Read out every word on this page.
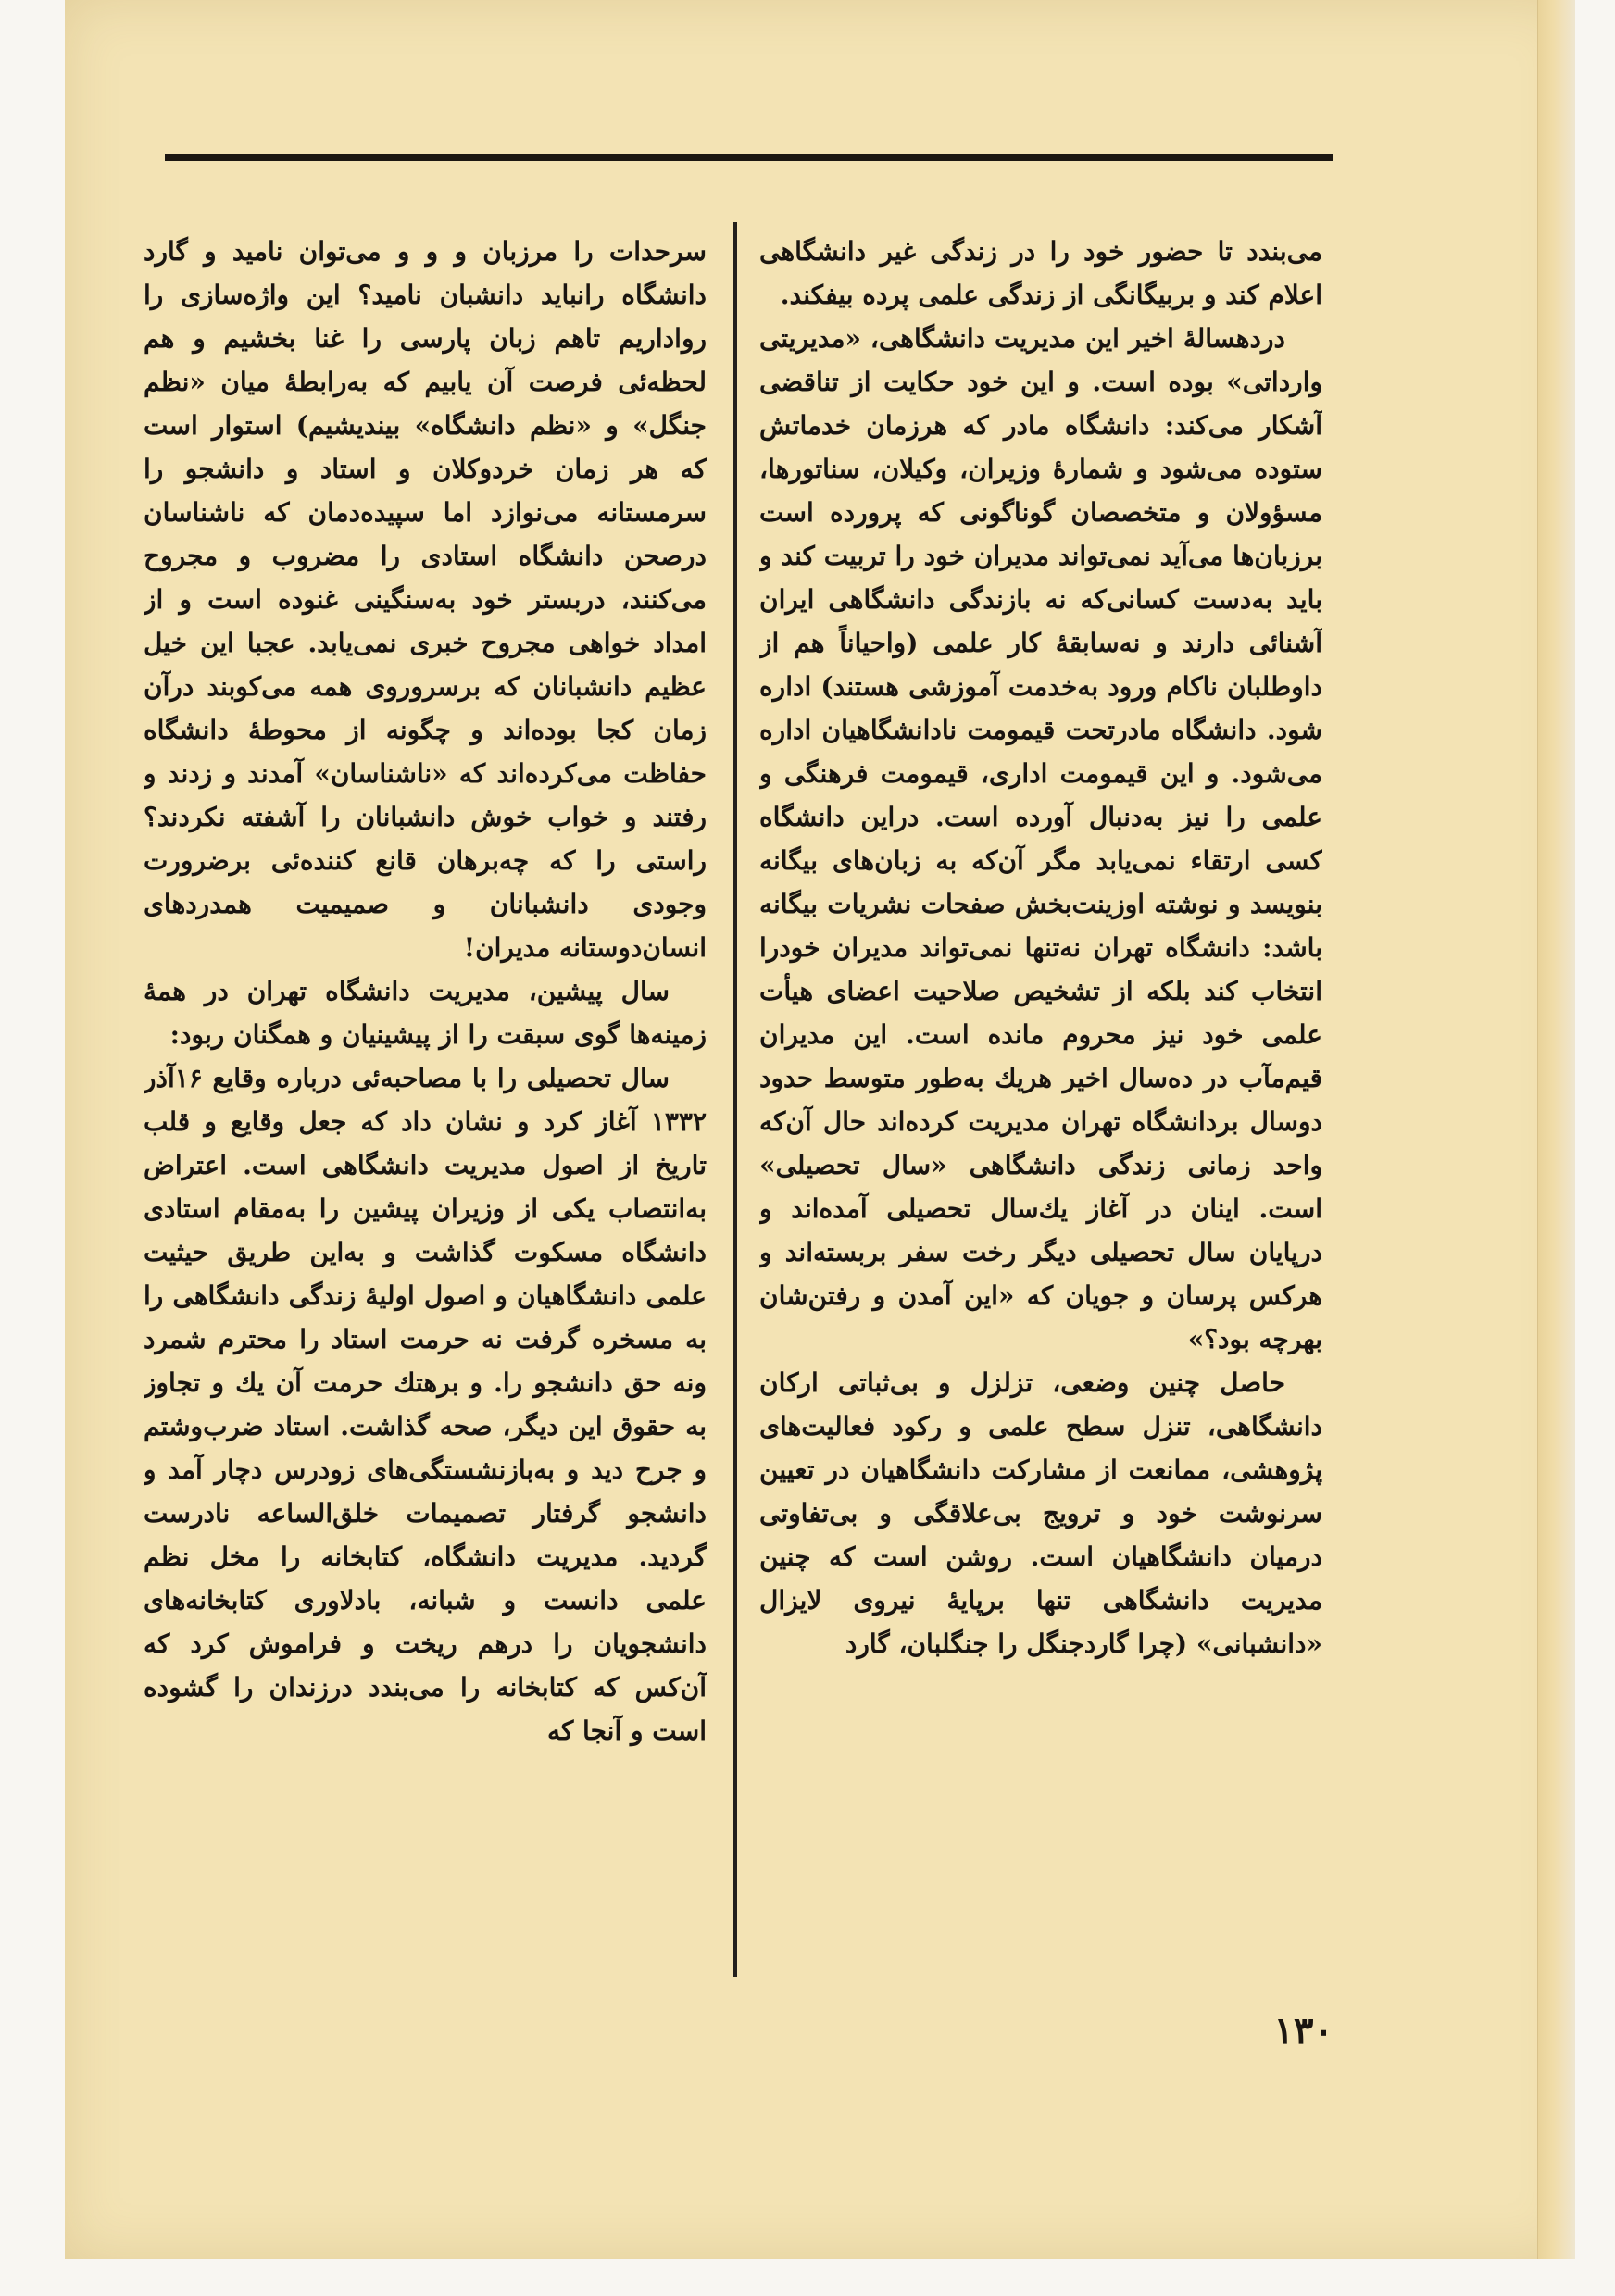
می‌بندد تا حضور خود را در زندگی غیر دانشگاهی اعلام کند و بربیگانگی از زندگی علمی پرده بیفکند.

دردهسالهٔ اخیر این مدیریت دانشگاهی، «مدیریتی وارداتی» بوده است. و این خود حکایت از تناقضی آشکار می‌کند: دانشگاه مادر که هرزمان خدماتش ستوده می‌شود و شمارهٔ وزیران، وکیلان، سناتورها، مسؤولان و متخصصان گوناگونی که پرورده است برزبان‌ها می‌آید نمی‌تواند مدیران خود را تربیت کند و باید به‌دست کسانی‌که نه بازندگی دانشگاهی ایران آشنائی دارند و نه‌سابقهٔ کار علمی (واحیاناً هم از داوطلبان ناکام ورود به‌خدمت آموزشی هستند) اداره شود. دانشگاه مادرتحت قیمومت نادانشگاهیان اداره می‌شود. و این قیمومت اداری، قیمومت فرهنگی و علمی را نیز به‌دنبال آورده است. دراین دانشگاه کسی ارتقاء نمی‌یابد مگر آن‌که به زبان‌های بیگانه بنویسد و نوشته اوزینت‌بخش صفحات نشریات بیگانه باشد: دانشگاه تهران نه‌تنها نمی‌تواند مدیران خودرا انتخاب کند بلکه از تشخیص صلاحیت اعضای هیأت علمی خود نیز محروم مانده است. این مدیران قیم‌مآب در ده‌سال اخیر هریك به‌طور متوسط حدود دوسال بردانشگاه تهران مدیریت کرده‌اند حال آن‌که واحد زمانی زندگی دانشگاهی «سال تحصیلی» است. اینان در آغاز یك‌سال تحصیلی آمده‌اند و درپایان سال تحصیلی دیگر رخت سفر بربسته‌اند و هرکس پرسان و جویان که «این آمدن و رفتن‌شان بهرچه بود؟»

حاصل چنین وضعی، تزلزل و بی‌ثباتی ارکان دانشگاهی، تنزل سطح علمی و رکود فعالیت‌های پژوهشی، ممانعت از مشارکت دانشگاهیان در تعیین سرنوشت خود و ترویج بی‌علاقگی و بی‌تفاوتی درمیان دانشگاهیان است. روشن است که چنین مدیریت دانشگاهی تنها برپایهٔ نیروی لایزال «دانشبانی» (چرا گاردجنگل را جنگلبان، گارد

سرحدات را مرزبان و و و می‌توان نامید و گارد دانشگاه رانباید دانشبان نامید؟ این واژه‌سازی را رواداریم تاهم زبان پارسی را غنا بخشیم و هم لحظه‌ئی فرصت آن یابیم که به‌رابطهٔ میان «نظم جنگل» و «نظم دانشگاه» بیندیشیم) استوار است که هر زمان خردوکلان و استاد و دانشجو را سرمستانه می‌نوازد اما سپیده‌دمان که ناشناسان درصحن دانشگاه استادی را مضروب و مجروح می‌کنند، دربستر خود به‌سنگینی غنوده است و از امداد خواهی مجروح خبری نمی‌یابد. عجبا این خیل عظیم دانشبانان که برسروروی همه می‌کوبند درآن زمان کجا بوده‌اند و چگونه از محوطهٔ دانشگاه حفاظت می‌کرده‌اند که «ناشناسان» آمدند و زدند و رفتند و خواب خوش دانشبانان را آشفته نکردند؟ راستی را که چه‌برهان قانع کننده‌ئی برضرورت وجودی دانشبانان و صمیمیت همدردهای انسان‌دوستانه مدیران!

سال پیشین، مدیریت دانشگاه تهران در همهٔ زمینه‌ها گوی سبقت را از پیشینیان و همگنان ربود:

سال تحصیلی را با مصاحبه‌ئی درباره وقایع ۱۶آذر ۱۳۳۲ آغاز کرد و نشان داد که جعل وقایع و قلب تاریخ از اصول مدیریت دانشگاهی است. اعتراض به‌انتصاب یکی از وزیران پیشین را به‌مقام استادی دانشگاه مسکوت گذاشت و به‌این طریق حیثیت علمی دانشگاهیان و اصول اولیهٔ زندگی دانشگاهی را به مسخره گرفت نه حرمت استاد را محترم شمرد ونه حق دانشجو را. و برهتك حرمت آن یك و تجاوز به حقوق این دیگر، صحه گذاشت. استاد ضرب‌وشتم و جرح دید و به‌بازنشستگی‌های زودرس دچار آمد و دانشجو گرفتار تصمیمات خلق‌الساعه نادرست گردید. مدیریت دانشگاه، کتابخانه را مخل نظم علمی دانست و شبانه، بادلاوری کتابخانه‌های دانشجویان را درهم ریخت و فراموش کرد که آن‌کس که کتابخانه را می‌بندد درزندان را گشوده است و آنجا که

۱۳۰
